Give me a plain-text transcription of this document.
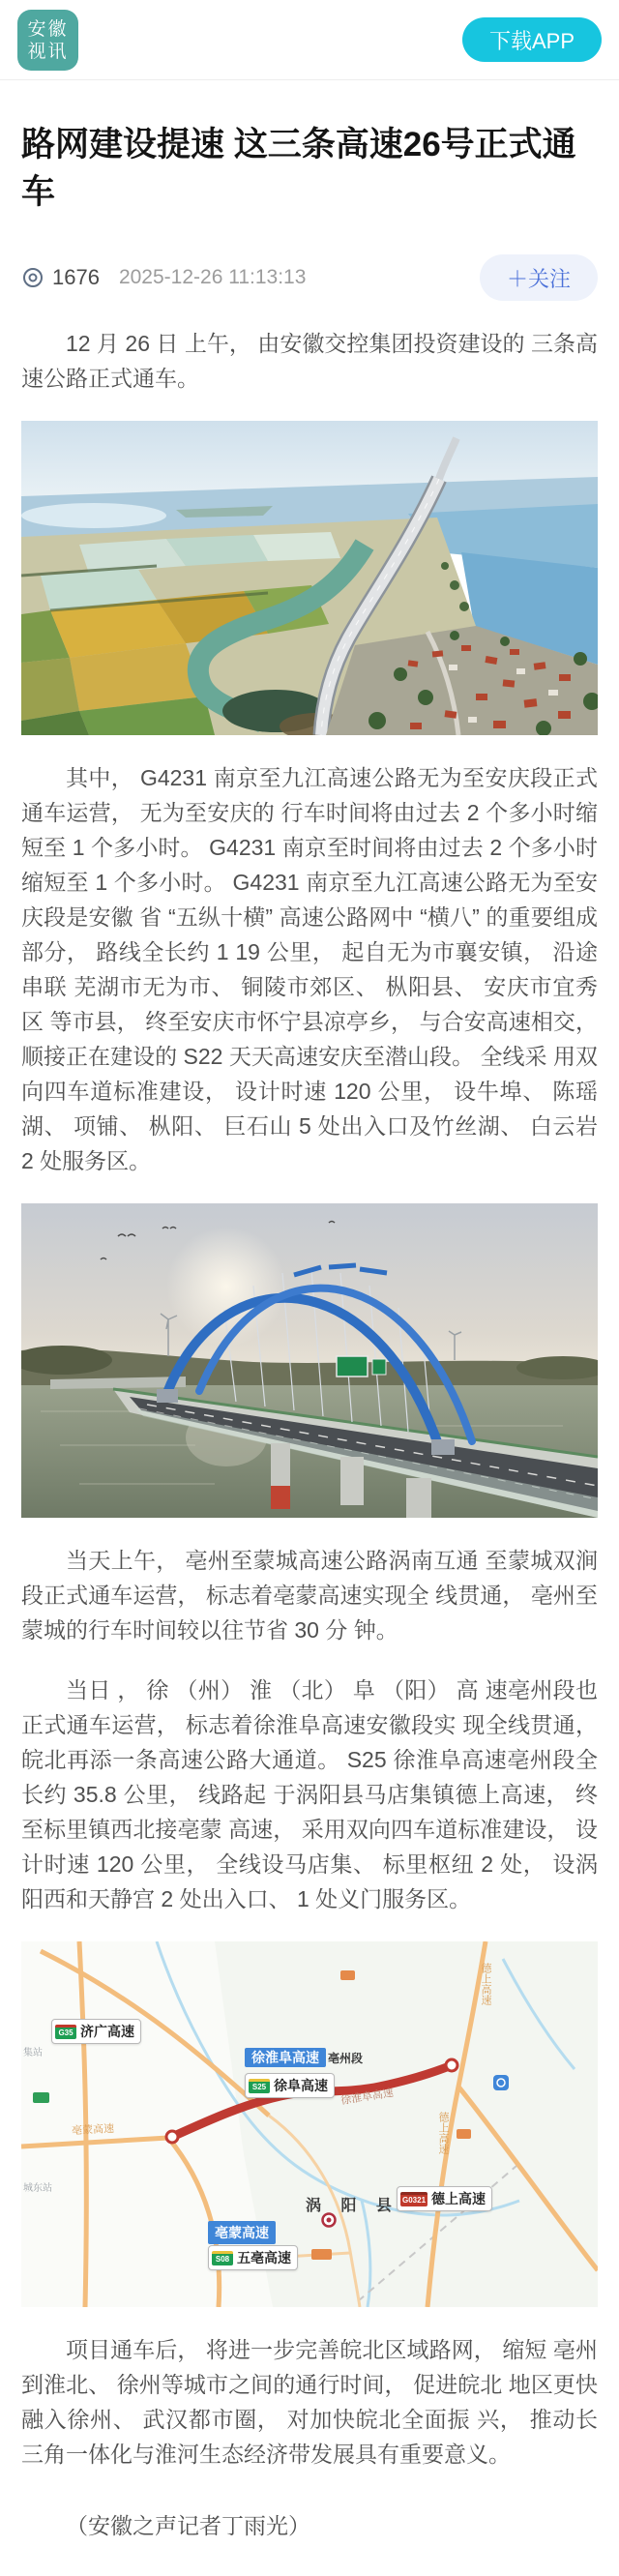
安徽
视讯	下载APP
路网建设提速 这三条高速26号正式通车
1676 2025-12-26 11:13:13	＋关注

12 月 26 日 上午， 由安徽交控集团投资建设的 三条高速公路正式通车。

其中， G4231 南京至九江高速公路无为至安庆段正式通车运营， 无为至安庆的 行车时间将由过去 2 个多小时缩短至 1 个多小时。 G4231 南京至时间将由过去 2 个多小时缩短至 1 个多小时。 G4231 南京至九江高速公路无为至安庆段是安徽 省 “五纵十横” 高速公路网中 “横八” 的重要组成部分， 路线全长约 1 19 公里， 起自无为市襄安镇， 沿途串联 芜湖市无为市、 铜陵市郊区、 枞阳县、 安庆市宜秀区 等市县， 终至安庆市怀宁县凉亭乡， 与合安高速相交， 顺接正在建设的 S22 天天高速安庆至潜山段。 全线采 用双向四车道标准建设， 设计时速 120 公里， 设牛埠、 陈瑶湖、 项铺、 枞阳、 巨石山 5 处出入口及竹丝湖、 白云岩 2 处服务区。

当天上午， 亳州至蒙城高速公路涡南互通 至蒙城双涧段正式通车运营， 标志着亳蒙高速实现全 线贯通， 亳州至蒙城的行车时间较以往节省 30 分 钟。

当日 ， 徐 （州） 淮 （北） 阜 （阳） 高 速亳州段也正式通车运营， 标志着徐淮阜高速安徽段实 现全线贯通， 皖北再添一条高速公路大通道。 S25 徐淮阜高速亳州段全长约 35.8 公里， 线路起 于涡阳县马店集镇德上高速， 终至标里镇西北接亳蒙 高速， 采用双向四车道标准建设， 设计时速 120 公里， 全线设马店集、 标里枢纽 2 处， 设涡阳西和天静宫 2 处出入口、 1 处义门服务区。

G35 济广高速
徐淮阜高速 亳州段
S25 徐阜高速
亳蒙高速
S08 五亳高速
G0321 德上高速
涡 阳 县
城东站
集站
亳蒙高速
德上高速
德上高速
徐淮阜高速

项目通车后， 将进一步完善皖北区域路网， 缩短 亳州到淮北、 徐州等城市之间的通行时间， 促进皖北 地区更快融入徐州、 武汉都市圈， 对加快皖北全面振 兴， 推动长三角一体化与淮河生态经济带发展具有重要意义。

（安徽之声记者丁雨光）
